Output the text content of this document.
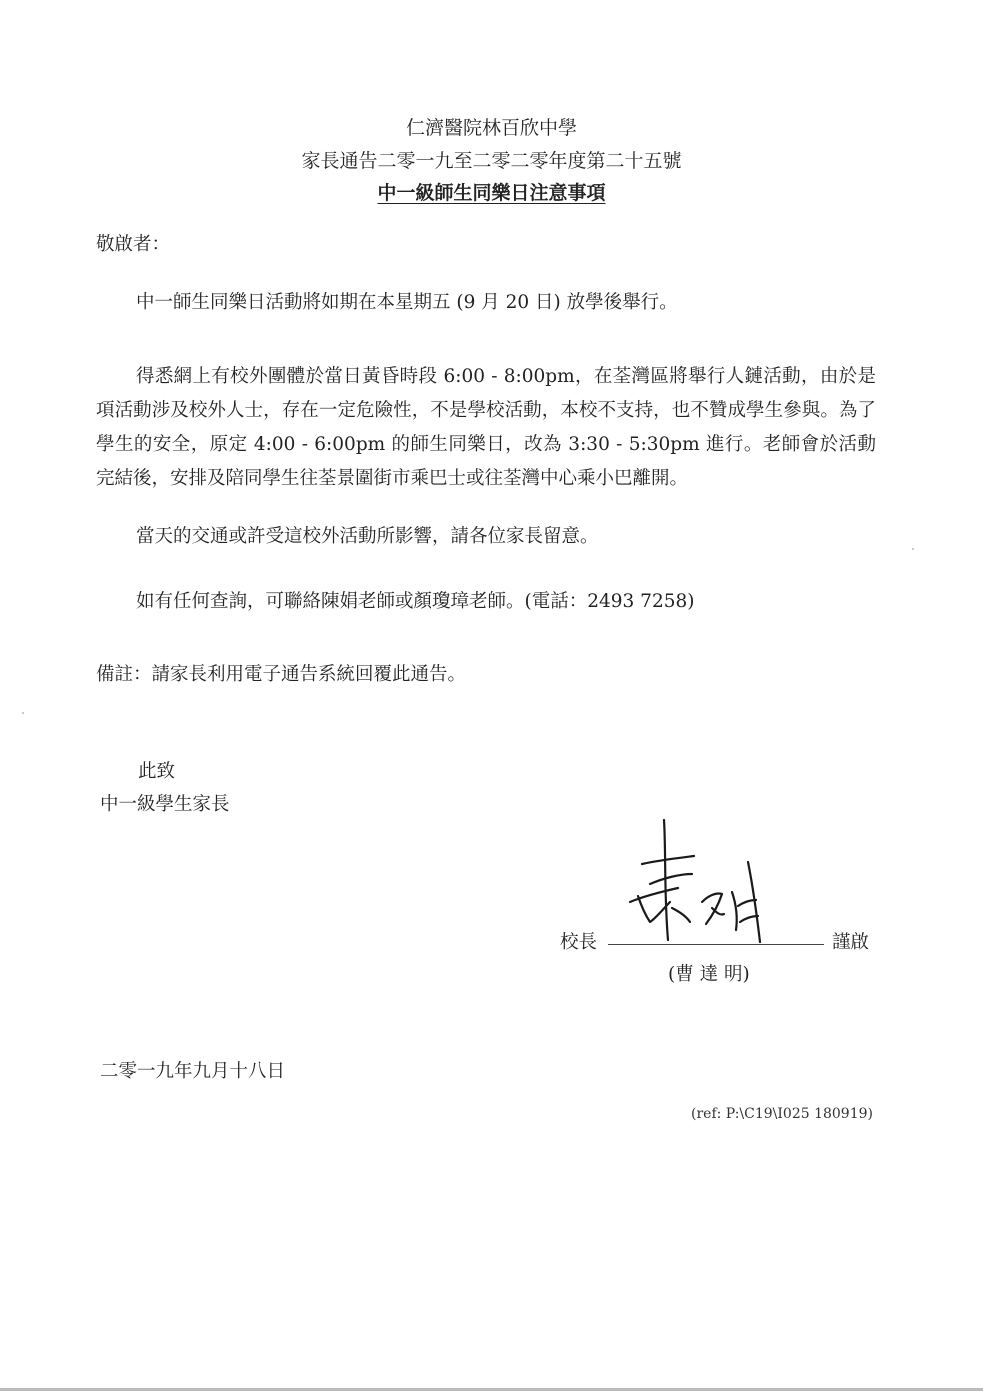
仁濟醫院林百欣中學
家長通告二零一九至二零二零年度第二十五號
中一級師生同樂日注意事項
敬啟者：
中一師生同樂日活動將如期在本星期五 (9 月 20 日) 放學後舉行。
得悉網上有校外團體於當日黃昏時段 6:00 - 8:00pm，在荃灣區將舉行人鏈活動，由於是項活動涉及校外人士，存在一定危險性，不是學校活動，本校不支持，也不贊成學生參與。為了學生的安全，原定 4:00 - 6:00pm 的師生同樂日，改為 3:30 - 5:30pm 進行。老師會於活動完結後，安排及陪同學生往荃景圍街市乘巴士或往荃灣中心乘小巴離開。
當天的交通或許受這校外活動所影響，請各位家長留意。
如有任何查詢，可聯絡陳娟老師或顏瓊璋老師。(電話：2493 7258)
備註：請家長利用電子通告系統回覆此通告。
此致
中一級學生家長
校長	謹啟
(曹 達 明)
二零一九年九月十八日
(ref: P:\C19\I025 180919)
